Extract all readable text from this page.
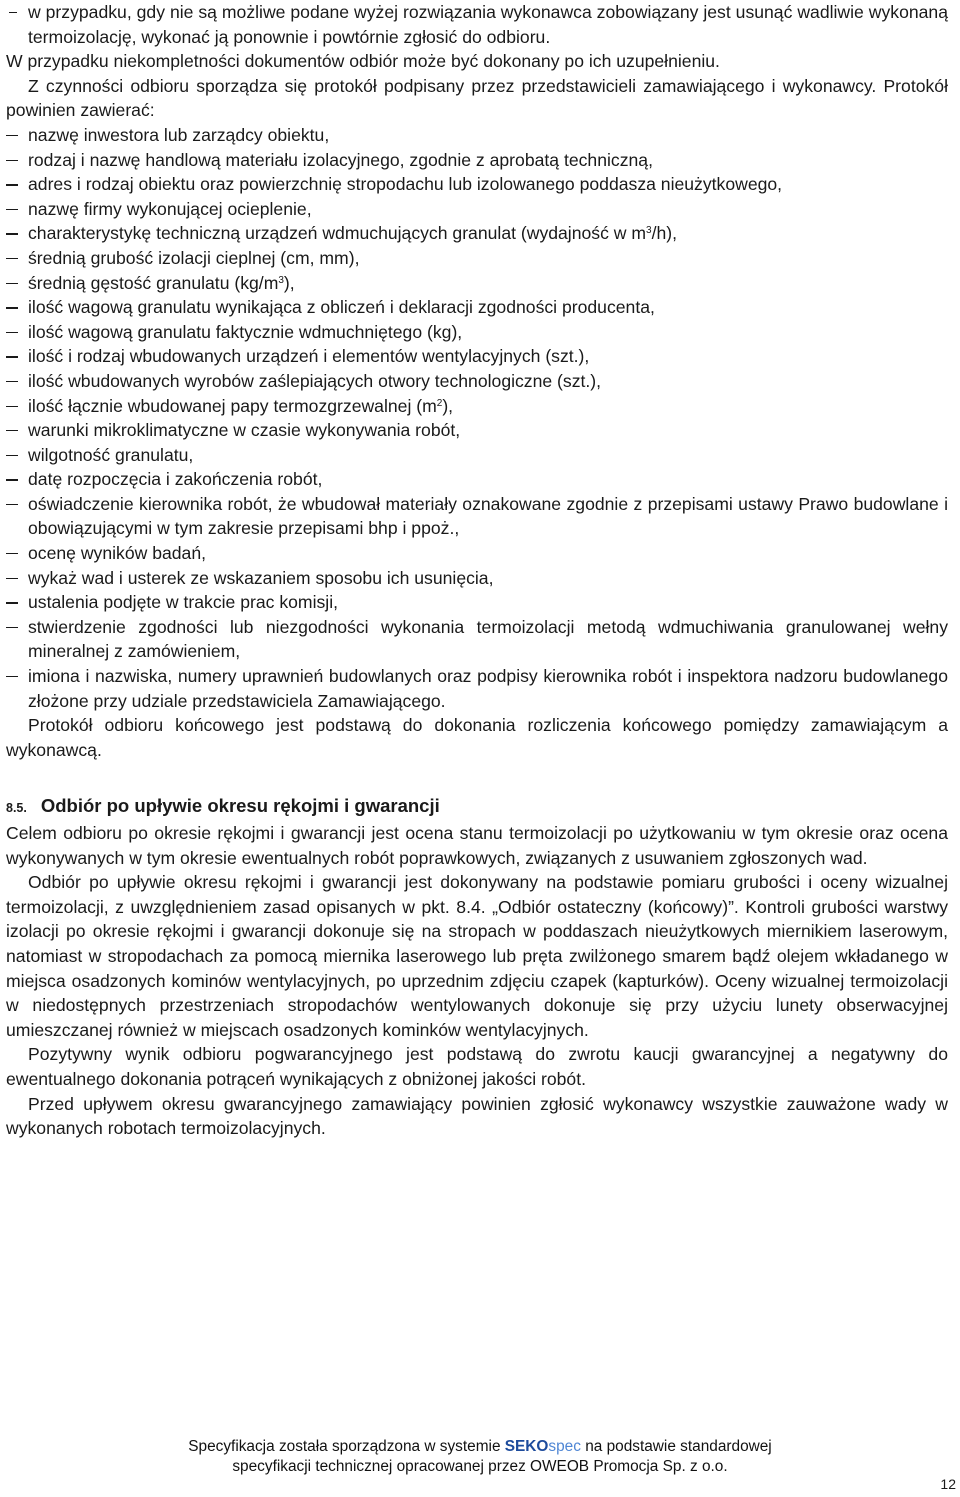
w przypadku, gdy nie są możliwe podane wyżej rozwiązania wykonawca zobowiązany jest usunąć wadliwie wykonaną termoizolację, wykonać ją ponownie i powtórnie zgłosić do odbioru.

W przypadku niekompletności dokumentów odbiór może być dokonany po ich uzupełnieniu.

Z czynności odbioru sporządza się protokół podpisany przez przedstawicieli zamawiającego i wykonawcy. Protokół powinien zawierać:

nazwę inwestora lub zarządcy obiektu,
rodzaj i nazwę handlową materiału izolacyjnego, zgodnie z aprobatą techniczną,
adres i rodzaj obiektu oraz powierzchnię stropodachu lub izolowanego poddasza nieużytkowego,
nazwę firmy wykonującej ocieplenie,
charakterystykę techniczną urządzeń wdmuchujących granulat (wydajność w $m^3/h$),
średnią grubość izolacji cieplnej (cm, mm),
średnią gęstość granulatu $(kg/m^3)$,
ilość wagową granulatu wynikająca z obliczeń i deklaracji zgodności producenta,
ilość wagową granulatu faktycznie wdmuchniętego (kg),
ilość i rodzaj wbudowanych urządzeń i elementów wentylacyjnych (szt.),
ilość wbudowanych wyrobów zaślepiających otwory technologiczne (szt.),
ilość łącznie wbudowanej papy termozgrzewalnej $(m^2)$,
warunki mikroklimatyczne w czasie wykonywania robót,
wilgotność granulatu,
datę rozpoczęcia i zakończenia robót,
oświadczenie kierownika robót, że wbudował materiały oznakowane zgodnie z przepisami ustawy Prawo budowlane i obowiązującymi w tym zakresie przepisami bhp i ppoż.,
ocenę wyników badań,
wykaż wad i usterek ze wskazaniem sposobu ich usunięcia,
ustalenia podjęte w trakcie prac komisji,
stwierdzenie zgodności lub niezgodności wykonania termoizolacji metodą wdmuchiwania granulowanej wełny mineralnej z zamówieniem,
imiona i nazwiska, numery uprawnień budowlanych oraz podpisy kierownika robót i inspektora nadzoru budowlanego złożone przy udziale przedstawiciela Zamawiającego.

Protokół odbioru końcowego jest podstawą do dokonania rozliczenia końcowego pomiędzy zamawiającym a wykonawcą.

8.5. Odbiór po upływie okresu rękojmi i gwarancji

Celem odbioru po okresie rękojmi i gwarancji jest ocena stanu termoizolacji po użytkowaniu w tym okresie oraz ocena wykonywanych w tym okresie ewentualnych robót poprawkowych, związanych z usuwaniem zgłoszonych wad.

Odbiór po upływie okresu rękojmi i gwarancji jest dokonywany na podstawie pomiaru grubości i oceny wizualnej termoizolacji, z uwzględnieniem zasad opisanych w pkt. 8.4. „Odbiór ostateczny (końcowy)”. Kontroli grubości warstwy izolacji po okresie rękojmi i gwarancji dokonuje się na stropach w poddaszach nieużytkowych miernikiem laserowym, natomiast w stropodachach za pomocą miernika laserowego lub pręta zwilżonego smarem bądź olejem wkładanego w miejsca osadzonych kominów wentylacyjnych, po uprzednim zdjęciu czapek (kapturków). Oceny wizualnej termoizolacji w niedostępnych przestrzeniach stropodachów wentylowanych dokonuje się przy użyciu lunety obserwacyjnej umieszczanej również w miejscach osadzonych kominków wentylacyjnych.

Pozytywny wynik odbioru pogwarancyjnego jest podstawą do zwrotu kaucji gwarancyjnej a negatywny do ewentualnego dokonania potrąceń wynikających z obniżonej jakości robót.

Przed upływem okresu gwarancyjnego zamawiający powinien zgłosić wykonawcy wszystkie zauważone wady w wykonanych robotach termoizolacyjnych.

Specyfikacja została sporządzona w systemie SEKOspec na podstawie standardowej
specyfikacji technicznej opracowanej przez OWEOB Promocja Sp. z o.o.
12
